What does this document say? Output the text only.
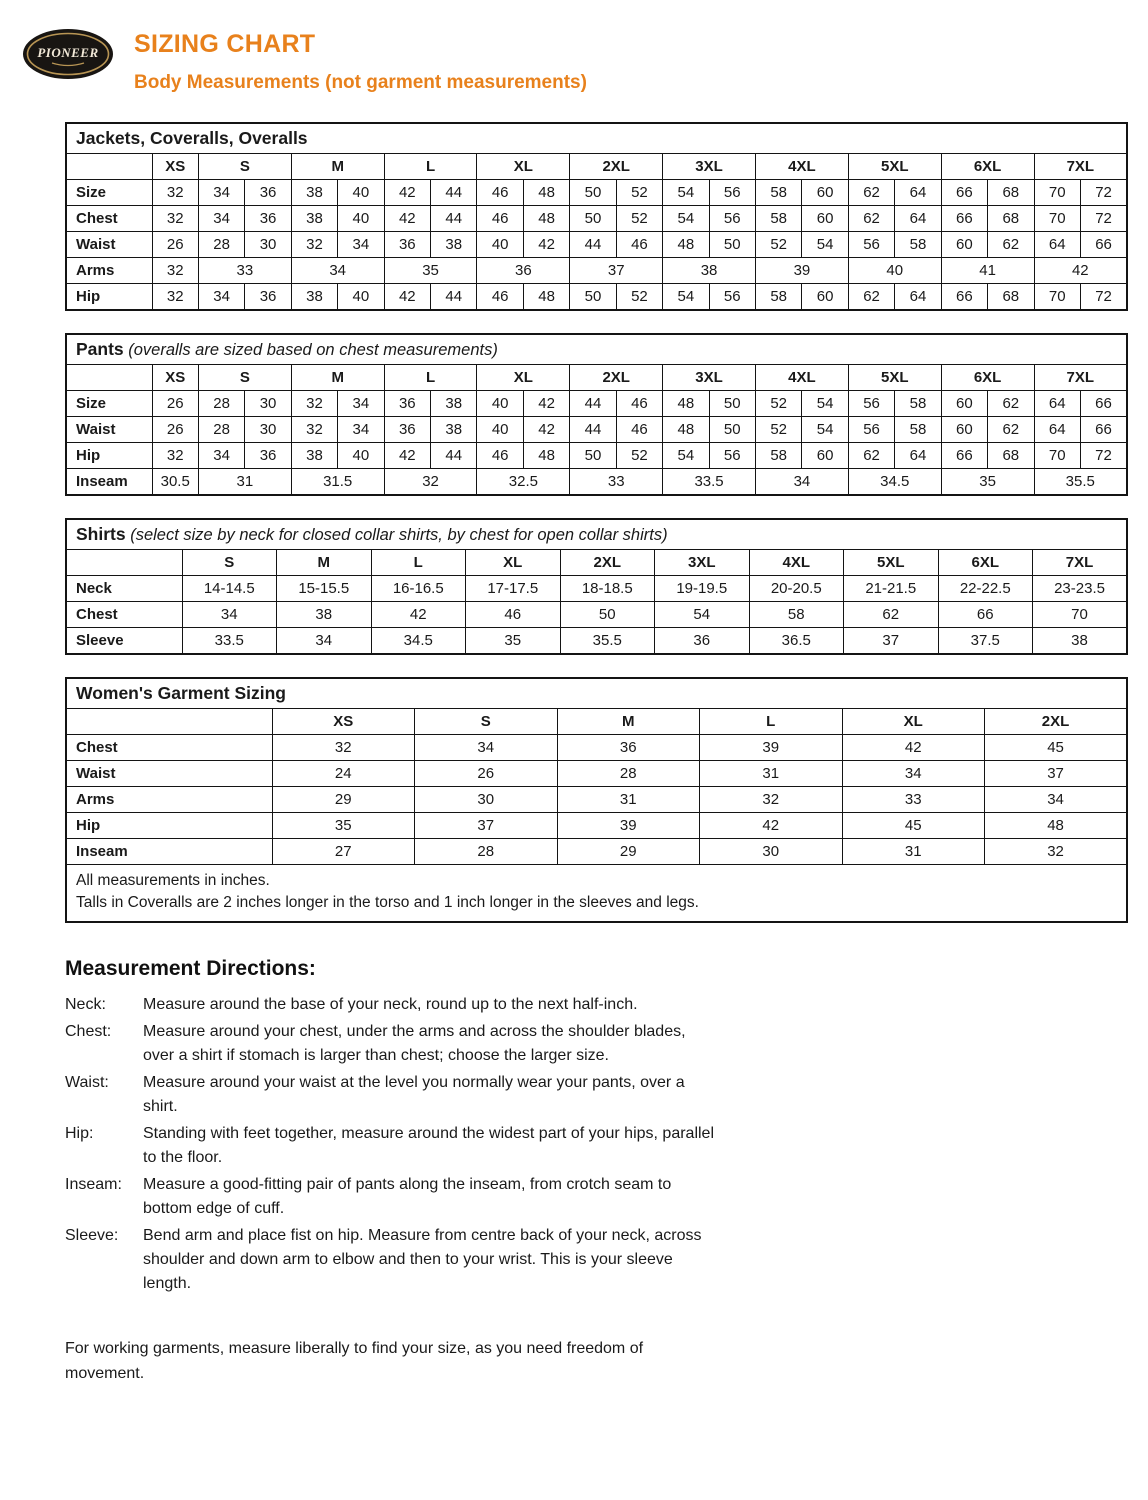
PIONEER SIZING CHART
Body Measurements (not garment measurements)
Jackets, Coveralls, Overalls																					
	XS	S		M		L		XL		2XL		3XL		4XL		5XL		6XL		7XL	
Size	32	34	36	38	40	42	44	46	48	50	52	54	56	58	60	62	64	66	68	70	72
Chest	32	34	36	38	40	42	44	46	48	50	52	54	56	58	60	62	64	66	68	70	72
Waist	26	28	30	32	34	36	38	40	42	44	46	48	50	52	54	56	58	60	62	64	66
Arms	32	33		34		35		36		37		38		39		40		41		42	
Hip	32	34	36	38	40	42	44	46	48	50	52	54	56	58	60	62	64	66	68	70	72
Pants (overalls are sized based on chest measurements)																					
	XS	S		M		L		XL		2XL		3XL		4XL		5XL		6XL		7XL	
Size	26	28	30	32	34	36	38	40	42	44	46	48	50	52	54	56	58	60	62	64	66
Waist	26	28	30	32	34	36	38	40	42	44	46	48	50	52	54	56	58	60	62	64	66
Hip	32	34	36	38	40	42	44	46	48	50	52	54	56	58	60	62	64	66	68	70	72
Inseam	30.5	31		31.5		32		32.5		33		33.5		34		34.5		35		35.5	
Shirts (select size by neck for closed collar shirts, by chest for open collar shirts)										
	S	M	L	XL	2XL	3XL	4XL	5XL	6XL	7XL
Neck	14-14.5	15-15.5	16-16.5	17-17.5	18-18.5	19-19.5	20-20.5	21-21.5	22-22.5	23-23.5
Chest	34	38	42	46	50	54	58	62	66	70
Sleeve	33.5	34	34.5	35	35.5	36	36.5	37	37.5	38
Women's Garment Sizing						
	XS	S	M	L	XL	2XL
Chest	32	34	36	39	42	45
Waist	24	26	28	31	34	37
Arms	29	30	31	32	33	34
Hip	35	37	39	42	45	48
Inseam	27	28	29	30	31	32

All measurements in inches.
Talls in Coveralls are 2 inches longer in the torso and 1 inch longer in the sleeves and legs.						
Measurement Directions:
Neck:	Measure around the base of your neck, round up to the next half-inch.
Chest:	Measure around your chest, under the arms and across the shoulder blades, over a shirt if stomach is larger than chest; choose the larger size.
Waist:	Measure around your waist at the level you normally wear your pants, over a shirt.
Hip:	Standing with feet together, measure around the widest part of your hips, parallel to the floor.
Inseam:	Measure a good-fitting pair of pants along the inseam, from crotch seam to bottom edge of cuff.
Sleeve:	Bend arm and place fist on hip. Measure from centre back of your neck, across shoulder and down arm to elbow and then to your wrist. This is your sleeve length.

For working garments, measure liberally to find your size, as you need freedom of movement.
